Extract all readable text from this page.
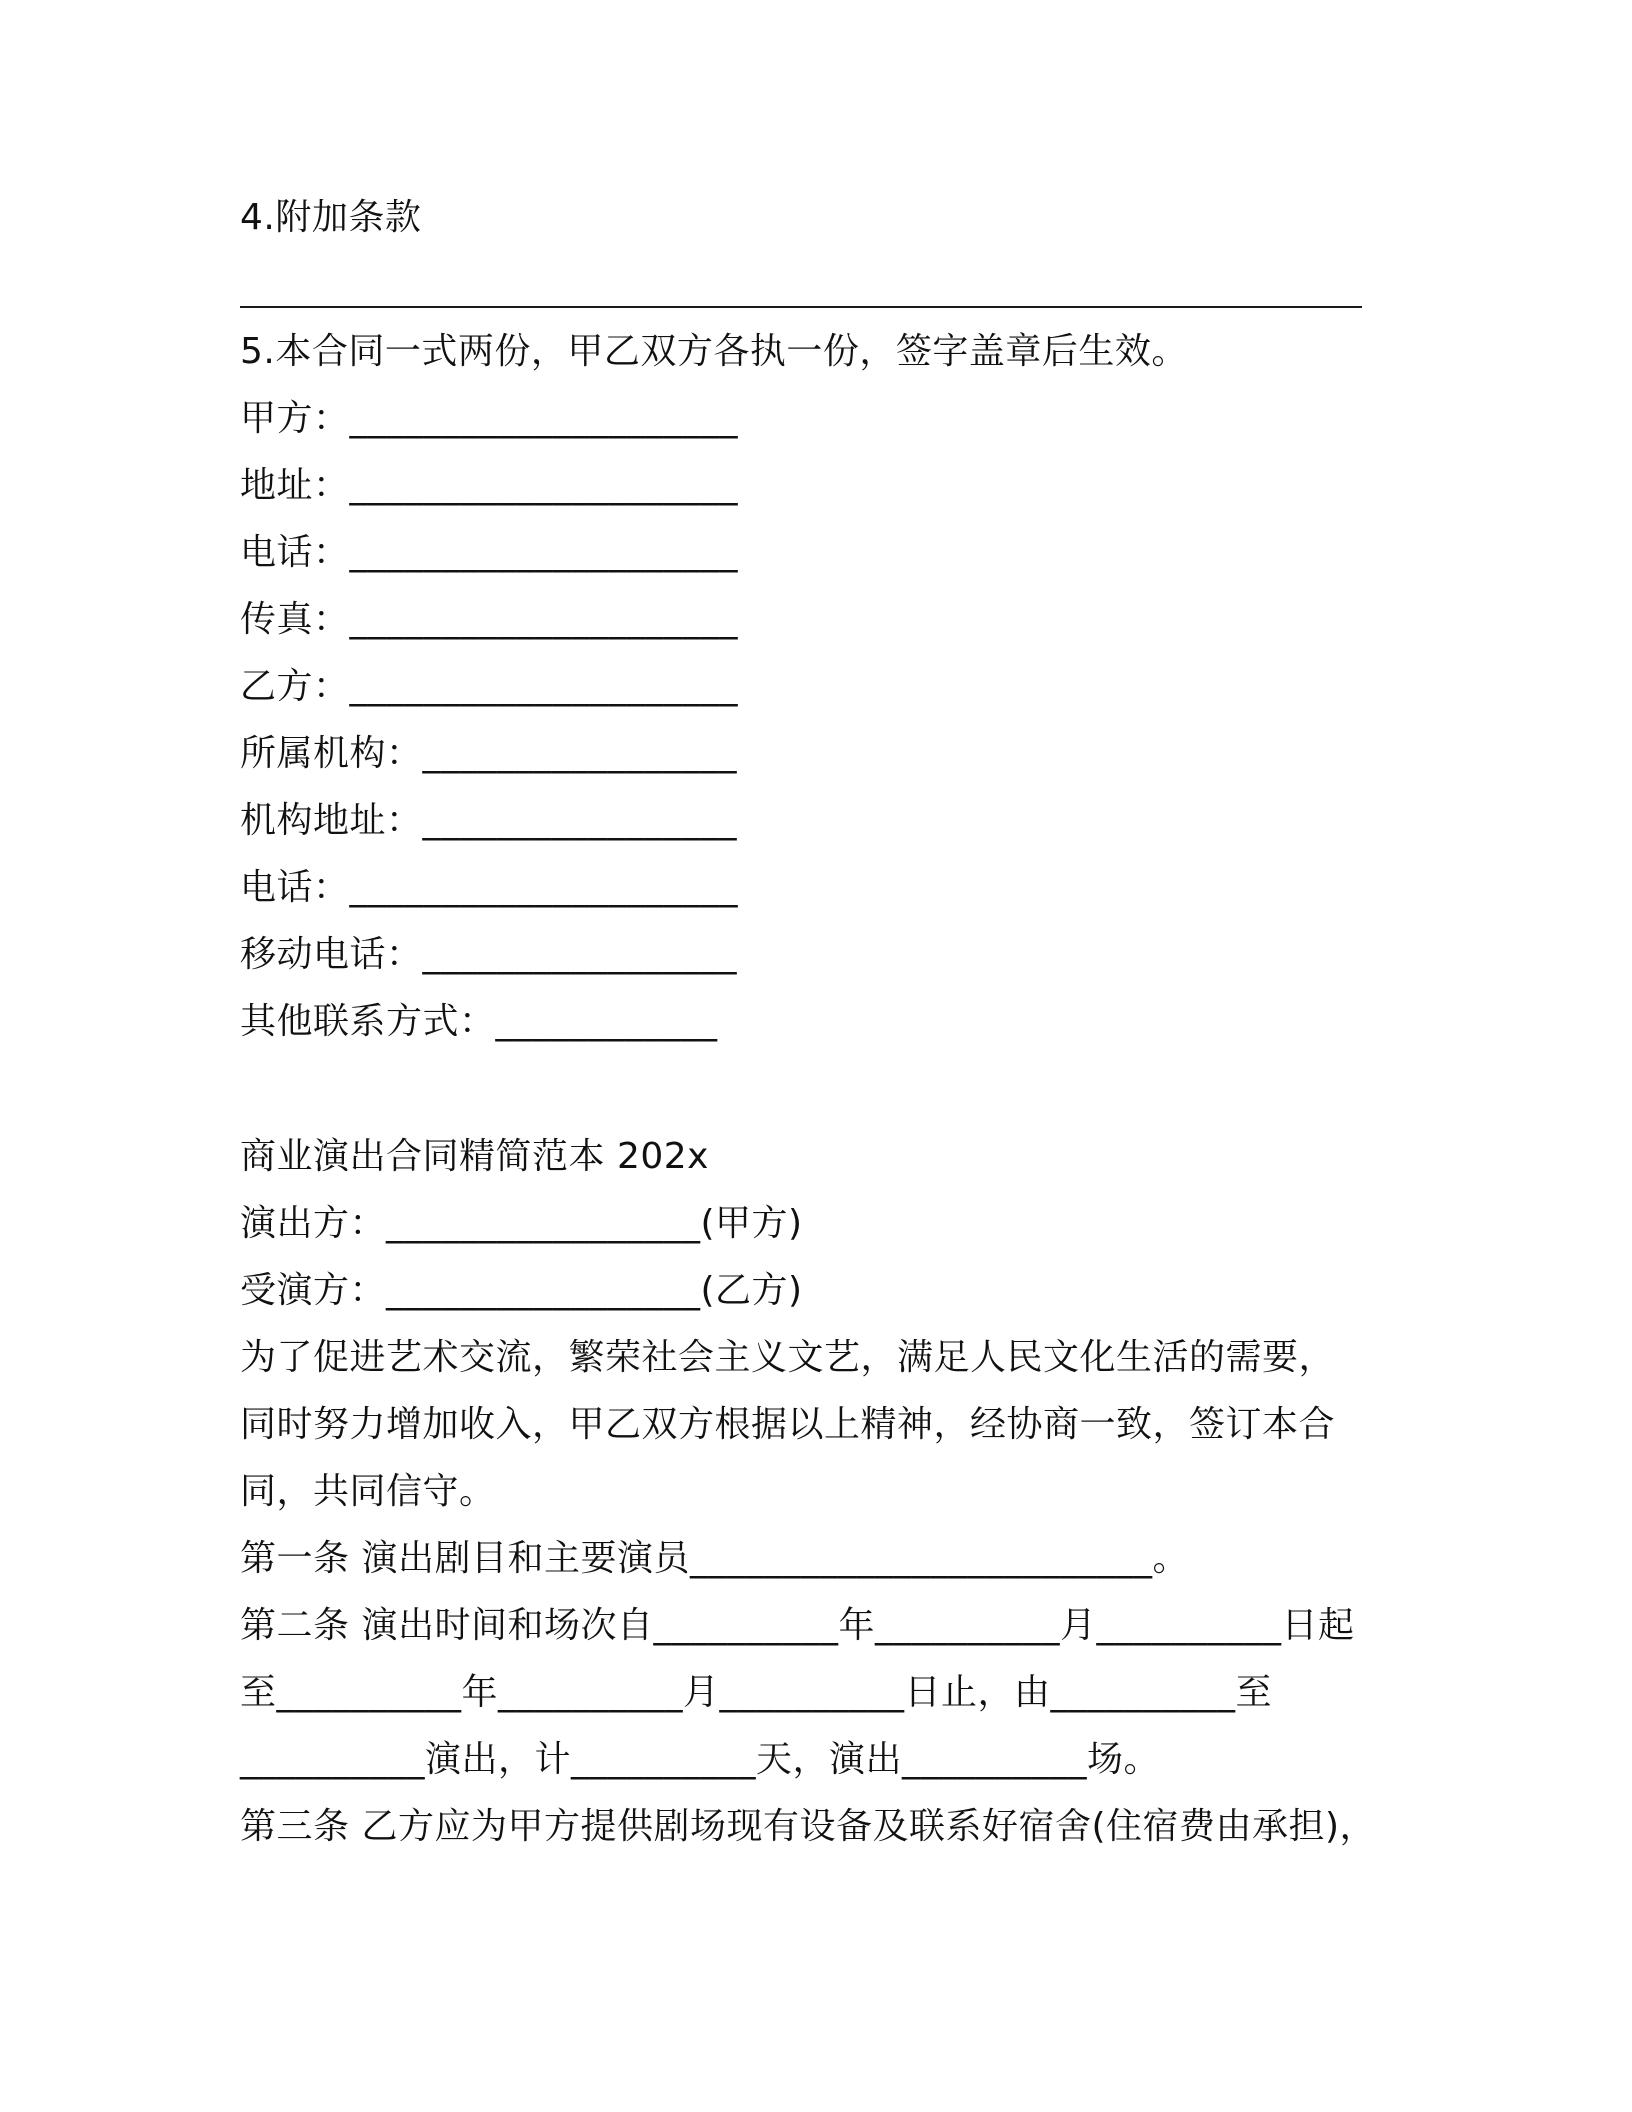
4.附加条款
5.本合同一式两份，甲乙双方各执一份，签字盖章后生效。
甲方：_____________________
地址：_____________________
电话：_____________________
传真：_____________________
乙方：_____________________
所属机构：_________________
机构地址：_________________
电话：_____________________
移动电话：_________________
其他联系方式：____________
商业演出合同精简范本 202x
演出方：_________________(甲方)
受演方：_________________(乙方)
为了促进艺术交流，繁荣社会主义文艺，满足人民文化生活的需要，
同时努力增加收入，甲乙双方根据以上精神，经协商一致，签订本合
同，共同信守。
第一条 演出剧目和主要演员_________________________。
第二条 演出时间和场次自__________年__________月__________日起
至__________年__________月__________日止，由__________至
__________演出，计__________天，演出__________场。
第三条 乙方应为甲方提供剧场现有设备及联系好宿舍(住宿费由承担)，
